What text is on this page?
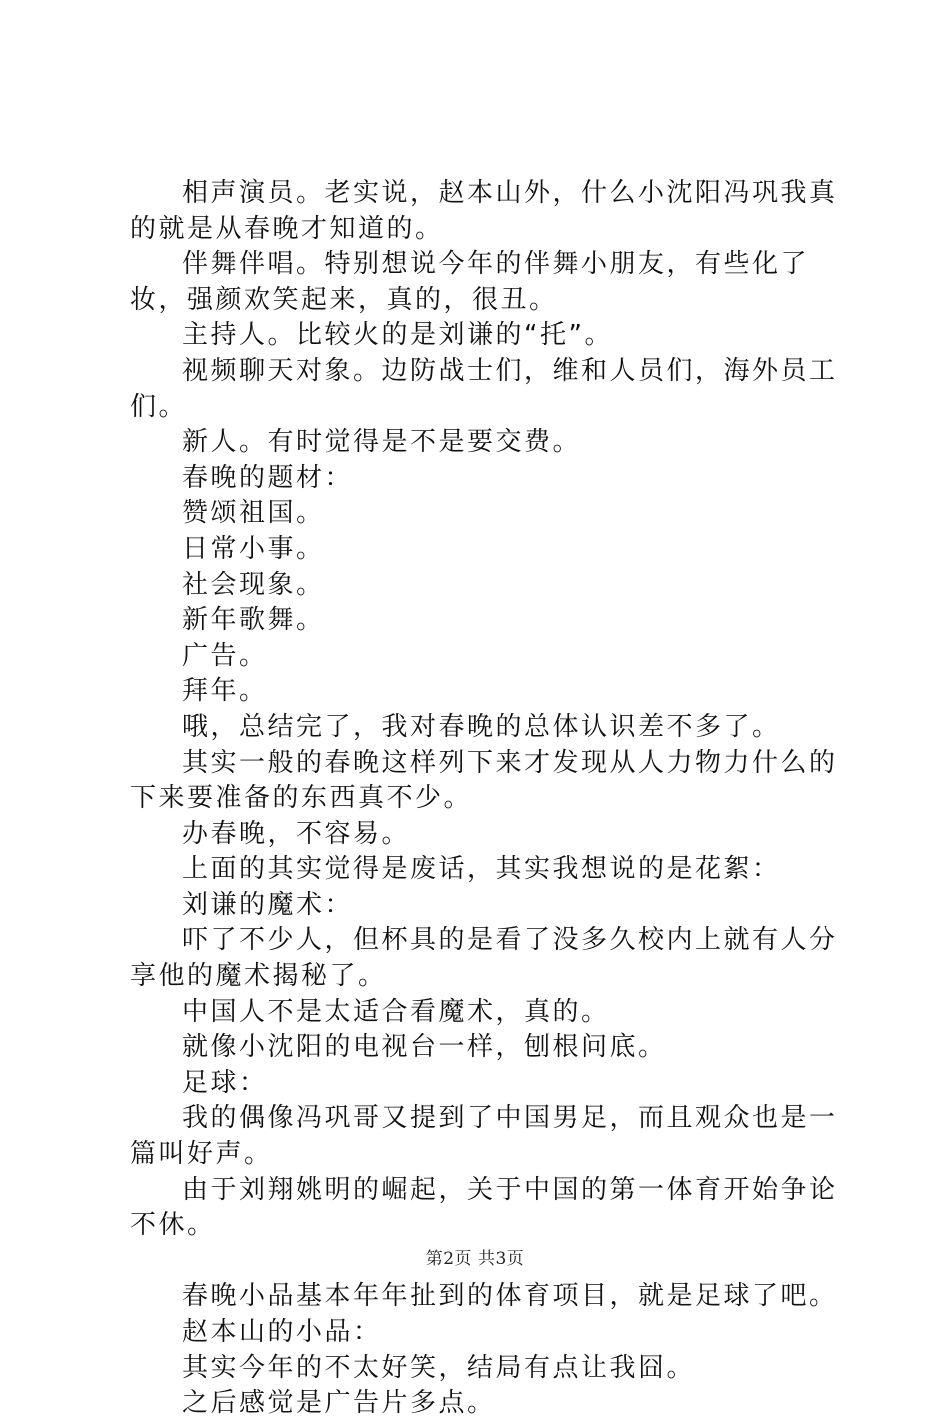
相声演员。老实说，赵本山外，什么小沈阳冯巩我真的就是从春晚才知道的。

伴舞伴唱。特别想说今年的伴舞小朋友，有些化了妆，强颜欢笑起来，真的，很丑。

主持人。比较火的是刘谦的“托”。

视频聊天对象。边防战士们，维和人员们，海外员工们。

新人。有时觉得是不是要交费。

春晚的题材：

赞颂祖国。

日常小事。

社会现象。

新年歌舞。

广告。

拜年。

哦，总结完了，我对春晚的总体认识差不多了。

其实一般的春晚这样列下来才发现从人力物力什么的下来要准备的东西真不少。

办春晚，不容易。

上面的其实觉得是废话，其实我想说的是花絮：

刘谦的魔术：

吓了不少人，但杯具的是看了没多久校内上就有人分享他的魔术揭秘了。

中国人不是太适合看魔术，真的。

就像小沈阳的电视台一样，刨根问底。

足球：

我的偶像冯巩哥又提到了中国男足，而且观众也是一篇叫好声。

由于刘翔姚明的崛起，关于中国的第一体育开始争论不休。

春晚小品基本年年扯到的体育项目，就是足球了吧。

赵本山的小品：

其实今年的不太好笑，结局有点让我囧。

之后感觉是广告片多点。

第2页 共3页
